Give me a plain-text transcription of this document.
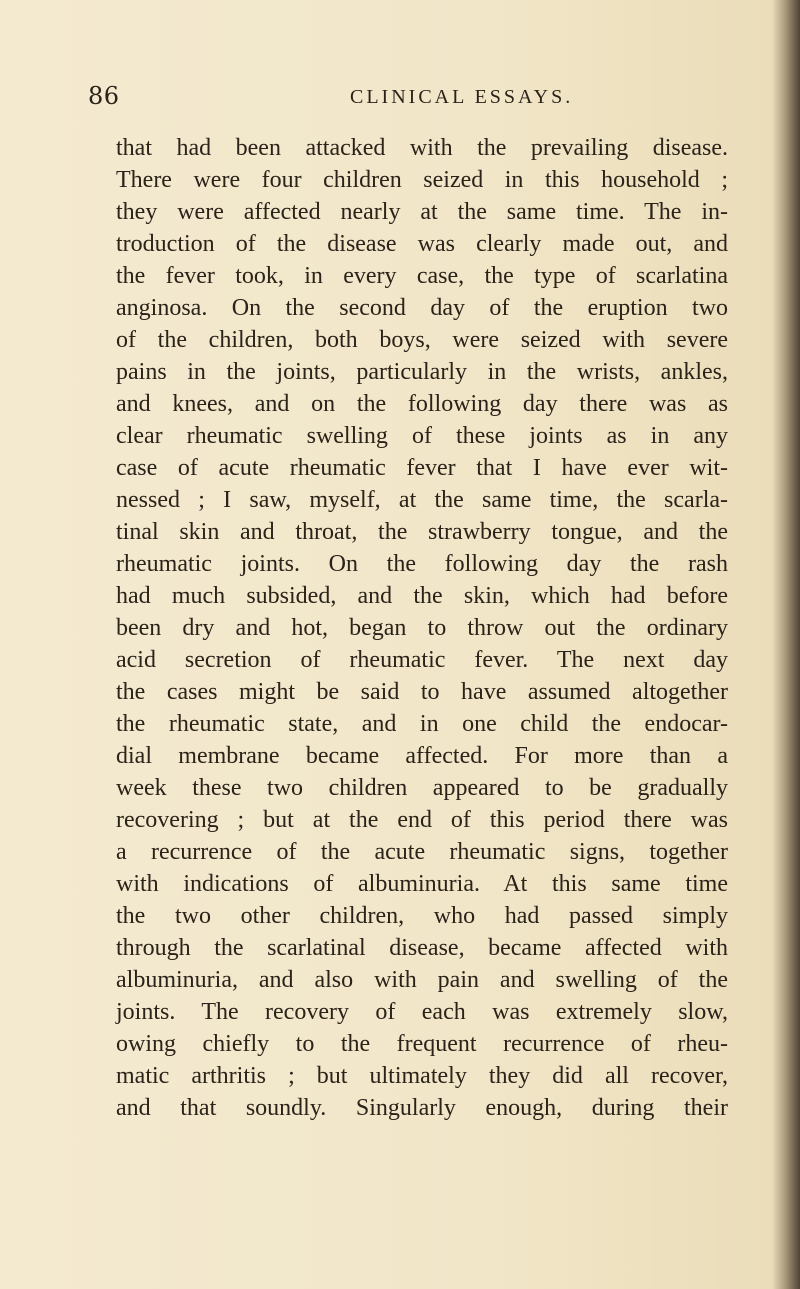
86	CLINICAL ESSAYS.
that had been attacked with the prevailing disease.
There were four children seized in this household ;
they were affected nearly at the same time. The in-
troduction of the disease was clearly made out, and
the fever took, in every case, the type of scarlatina
anginosa. On the second day of the eruption two
of the children, both boys, were seized with severe
pains in the joints, particularly in the wrists, ankles,
and knees, and on the following day there was as
clear rheumatic swelling of these joints as in any
case of acute rheumatic fever that I have ever wit-
nessed ; I saw, myself, at the same time, the scarla-
tinal skin and throat, the strawberry tongue, and the
rheumatic joints. On the following day the rash
had much subsided, and the skin, which had before
been dry and hot, began to throw out the ordinary
acid secretion of rheumatic fever. The next day
the cases might be said to have assumed altogether
the rheumatic state, and in one child the endocar-
dial membrane became affected. For more than a
week these two children appeared to be gradually
recovering ; but at the end of this period there was
a recurrence of the acute rheumatic signs, together
with indications of albuminuria. At this same time
the two other children, who had passed simply
through the scarlatinal disease, became affected with
albuminuria, and also with pain and swelling of the
joints. The recovery of each was extremely slow,
owing chiefly to the frequent recurrence of rheu-
matic arthritis ; but ultimately they did all recover,
and that soundly. Singularly enough, during their
